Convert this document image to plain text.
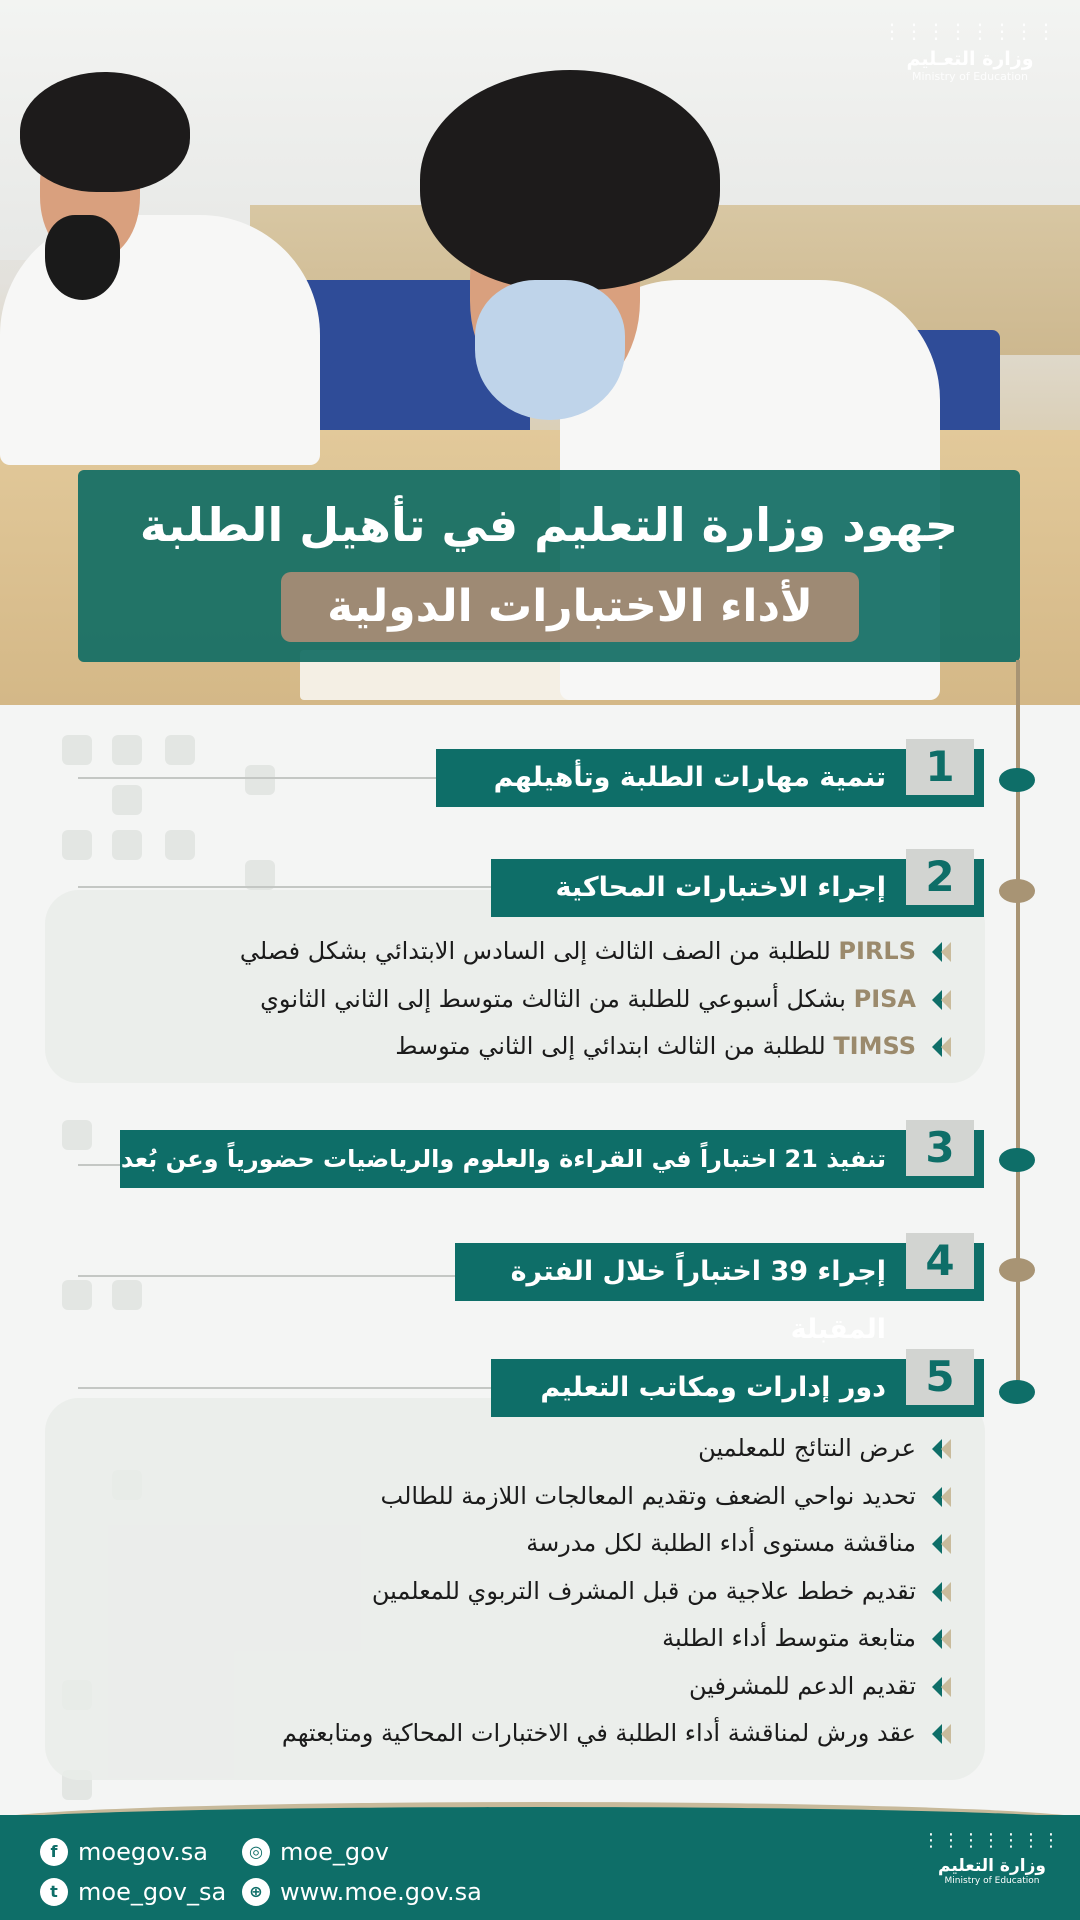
⋮⋮⋮⋮⋮⋮⋮⋮
وزارة التعـليم
Ministry of Education
جهود وزارة التعليم في تأهيل الطلبة
لأداء الاختبارات الدولية
تنمية مهارات الطلبة وتأهيلهم 1
إجراء الاختبارات المحاكية 2
PIRLS للطلبة من الصف الثالث إلى السادس الابتدائي بشكل فصلي
PISA بشكل أسبوعي للطلبة من الثالث متوسط إلى الثاني الثانوي
TIMSS للطلبة من الثالث ابتدائي إلى الثاني متوسط
تنفيذ 21 اختباراً في القراءة والعلوم والرياضيات حضورياً وعن بُعد 3
إجراء 39 اختباراً خلال الفترة المقبلة
4
دور إدارات ومكاتب التعليم 5
عرض النتائج للمعلمين
تحديد نواحي الضعف وتقديم المعالجات اللازمة للطالب
مناقشة مستوى أداء الطلبة لكل مدرسة
تقديم خطط علاجية من قبل المشرف التربوي للمعلمين
متابعة متوسط أداء الطلبة
تقديم الدعم للمشرفين
عقد ورش لمناقشة أداء الطلبة في الاختبارات المحاكية ومتابعتهم
f moegov.sa	◎ moe_gov
t moe_gov_sa	⊕ www.moe.gov.sa
⋮⋮⋮⋮⋮⋮⋮
وزارة التعليم
Ministry of Education
